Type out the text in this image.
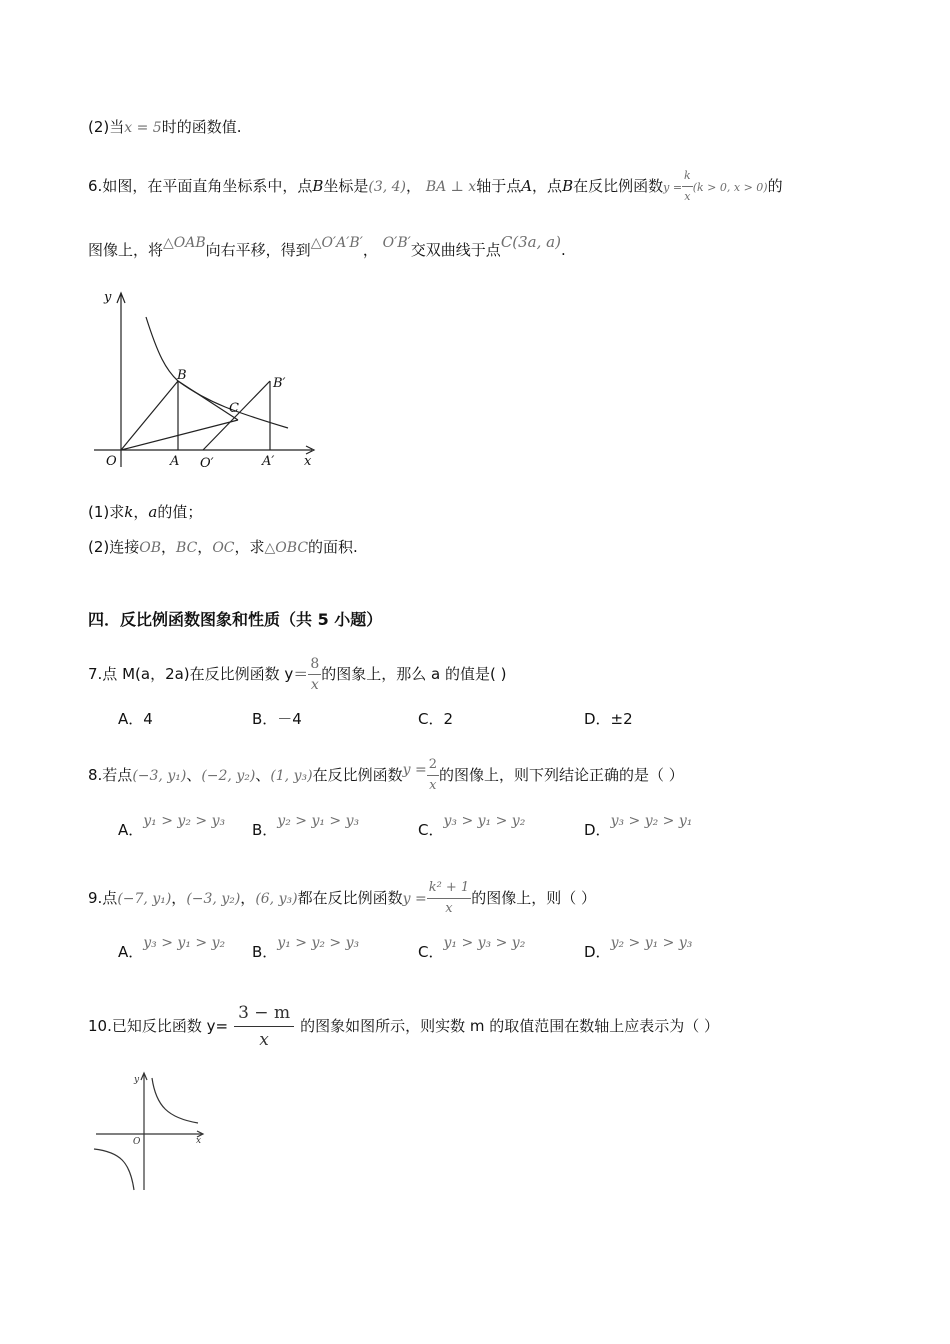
(2)当x = 5时的函数值.
6.如图，在平面直角坐标系中，点B坐标是(3, 4)， BA ⊥ x轴于点A，点B在反比例函数$y = \frac{k}{x} (k > 0$, x > 0)的
图像上，将△OAB向右平移，得到△O′A′B′， O′B′交双曲线于点C(3a, a).
y
x
O	A
B
C
O′	A′
B′
(1)求k，a的值；
(2)连接OB，BC，OC，求△OBC的面积.
四．反比例函数图象和性质（共 5 小题）
7.点 M(a，2a)在反比例函数 $y= \frac{8}{x}$ 的图象上，那么 a 的值是( )
A．4	B．－4	C．2	D．±2
8.若点(−3, y₁)、(−2, y₂)、(1, y₃)在反比例函数$y = \frac{2}{x}$ 的图像上，则下列结论正确的是（ ）
A．y₁ > y₂ > y₃ B．y₂ > y₁ > y₃	C．y₃ > y₁ > y₂	D．y₃ > y₂ > y₁
9.点(−7, y₁)，(−3, y₂)，(6, y₃)都在反比例函数$y = \frac{\text{k² + 1}}{x}$ 的图像上，则（ ）
A．y₃ > y₁ > y₂ B．y₁ > y₂ > y₃	C．y₁ > y₃ > y₂	D．y₂ > y₁ > y₃
10.已知反比函数 $y= \frac{3 - m}{x}$ 的图象如图所示，则实数 m 的取值范围在数轴上应表示为（ ）
y
x
O
